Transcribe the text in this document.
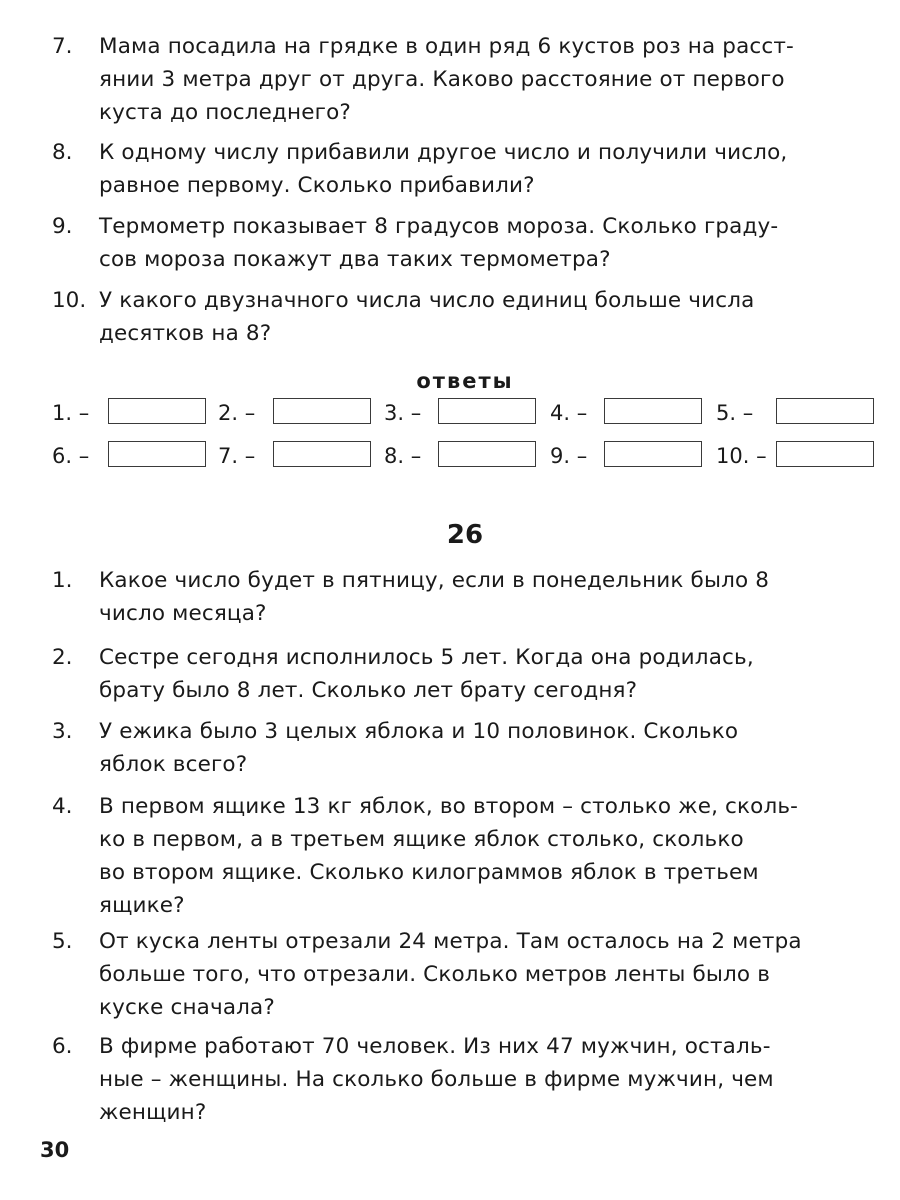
7. Мама посадила на грядке в один ряд 6 кустов роз на расст-
янии 3 метра друг от друга. Каково расстояние от первого
куста до последнего?
8. К одному числу прибавили другое число и получили число,
равное первому. Сколько прибавили?
9. Термометр показывает 8 градусов мороза. Сколько граду-
сов мороза покажут два таких термометра?
10. У какого двузначного числа число единиц больше числа
десятков на 8?
ответы
1. –	2. –	3. –	4. –	5. –
6. –	7. –	8. –	9. –	10. –
26
1. Какое число будет в пятницу, если в понедельник было 8
число месяца?
2. Сестре сегодня исполнилось 5 лет. Когда она родилась,
брату было 8 лет. Сколько лет брату сегодня?
3. У ежика было 3 целых яблока и 10 половинок. Сколько
яблок всего?
4. В первом ящике 13 кг яблок, во втором – столько же, сколь-
ко в первом, а в третьем ящике яблок столько, сколько
во втором ящике. Сколько килограммов яблок в третьем
ящике?
5. От куска ленты отрезали 24 метра. Там осталось на 2 метра
больше того, что отрезали. Сколько метров ленты было в
куске сначала?
6. В фирме работают 70 человек. Из них 47 мужчин, осталь-
ные – женщины. На сколько больше в фирме мужчин, чем
женщин?
30
